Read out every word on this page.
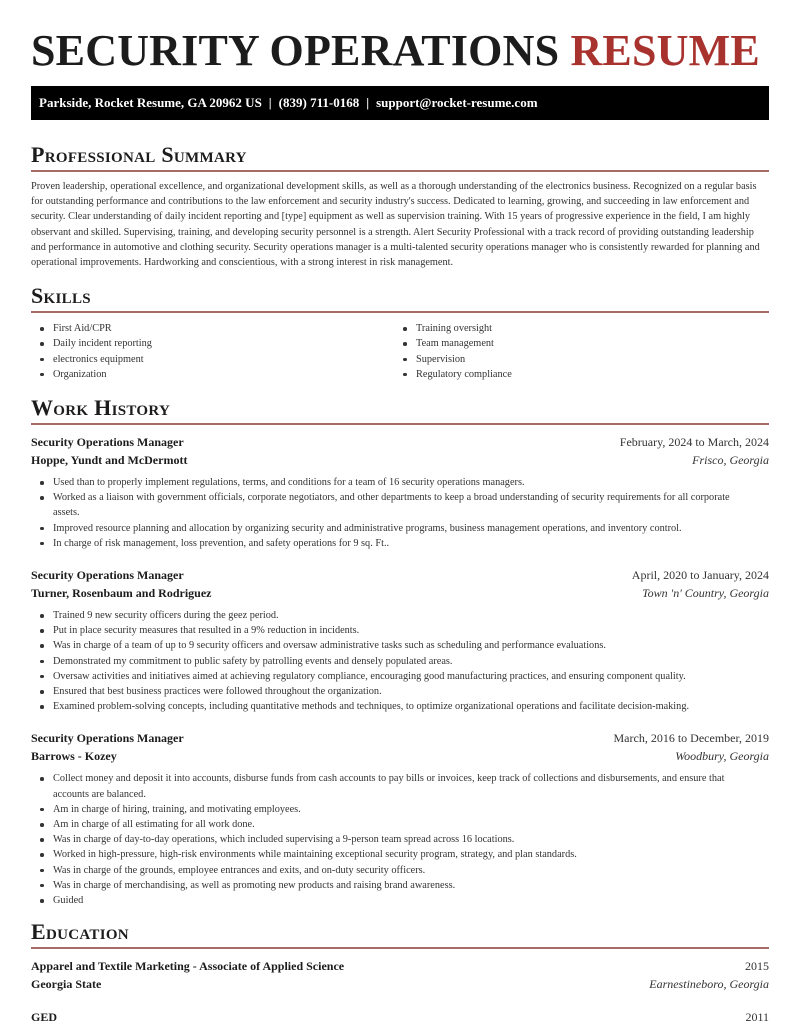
SECURITY OPERATIONS RESUME
Parkside, Rocket Resume, GA 20962 US | (839) 711-0168 | support@rocket-resume.com
Professional Summary

Proven leadership, operational excellence, and organizational development skills, as well as a thorough understanding of the electronics business. Recognized on a regular basis for outstanding performance and contributions to the law enforcement and security industry's success. Dedicated to learning, growing, and succeeding in law enforcement and security. Clear understanding of daily incident reporting and [type] equipment as well as supervision training. With 15 years of progressive experience in the field, I am highly observant and skilled. Supervising, training, and developing security personnel is a strength. Alert Security Professional with a track record of providing outstanding leadership and performance in automotive and clothing security. Security operations manager is a multi-talented security operations manager who is consistently rewarded for planning and operational improvements. Hardworking and conscientious, with a strong interest in risk management.

Skills
First Aid/CPR
Daily incident reporting
electronics equipment
Organization
Training oversight
Team management
Supervision
Regulatory compliance
Work History
Security Operations Manager	February, 2024 to March, 2024
Hoppe, Yundt and McDermott	Frisco, Georgia
Used than to properly implement regulations, terms, and conditions for a team of 16 security operations managers.
Worked as a liaison with government officials, corporate negotiators, and other departments to keep a broad understanding of security requirements for all corporate assets.
Improved resource planning and allocation by organizing security and administrative programs, business management operations, and inventory control.
In charge of risk management, loss prevention, and safety operations for 9 sq. Ft..
Security Operations Manager	April, 2020 to January, 2024
Turner, Rosenbaum and Rodriguez	Town 'n' Country, Georgia
Trained 9 new security officers during the geez period.
Put in place security measures that resulted in a 9% reduction in incidents.
Was in charge of a team of up to 9 security officers and oversaw administrative tasks such as scheduling and performance evaluations.
Demonstrated my commitment to public safety by patrolling events and densely populated areas.
Oversaw activities and initiatives aimed at achieving regulatory compliance, encouraging good manufacturing practices, and ensuring component quality.
Ensured that best business practices were followed throughout the organization.
Examined problem-solving concepts, including quantitative methods and techniques, to optimize organizational operations and facilitate decision-making.
Security Operations Manager	March, 2016 to December, 2019
Barrows - Kozey	Woodbury, Georgia
Collect money and deposit it into accounts, disburse funds from cash accounts to pay bills or invoices, keep track of collections and disbursements, and ensure that accounts are balanced.
Am in charge of hiring, training, and motivating employees.
Am in charge of all estimating for all work done.
Was in charge of day-to-day operations, which included supervising a 9-person team spread across 16 locations.
Worked in high-pressure, high-risk environments while maintaining exceptional security program, strategy, and plan standards.
Was in charge of the grounds, employee entrances and exits, and on-duty security officers.
Was in charge of merchandising, as well as promoting new products and raising brand awareness.
Guided
Education
Apparel and Textile Marketing - Associate of Applied Science	2015
Georgia State	Earnestineboro, Georgia
GED	2011
